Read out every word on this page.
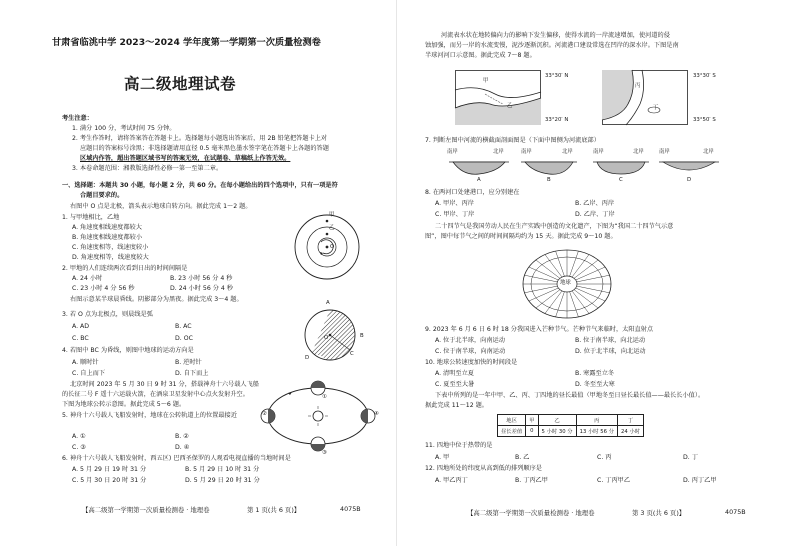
甘肃省临洮中学 2023～2024 学年度第一学期第一次质量检测卷
高二级地理试卷
考生注意：
1. 满分 100 分，考试时间 75 分钟。
2. 考生作答时，请将答案答在答题卡上。选择题每小题选出答案后，用 2B 铅笔把答题卡上对
应题目的答案标号涂黑；非选择题请用直径 0.5 毫米黑色墨水签字笔在答题卡上各题的答题
区域内作答，超出答题区域书写的答案无效，在试题卷、草稿纸上作答无效。
3. 本卷命题范围：湘教版选择性必修一第一至第二章。
一、选择题：本题共 30 小题，每小题 2 分，共 60 分。在每小题给出的四个选项中，只有一项是符
合题目要求的。
右图中 O 点是北极，箭头表示地球自转方向。据此完成 1～2 题。
1. 与甲地相比，乙地
A. 角速度相线速度都较大
B. 角速度相线速度都较小
C. 角速度相等，线速度较小
D. 角速度相等，线速度较大
2. 甲地的人们连续两次看到日出的时间间隔是
A. 24 小时	B. 23 小时 56 分 4 秒
C. 23 小时 4 分 56 秒	D. 24 小时 56 分 4 秒
右图示意某半球晨昏线。阴影部分为黑夜。据此完成 3～4 题。
3. 若 O 点为北极点，则晨线是弧
A. AD	B. AC
C. BC	D. OC
4. 若图中 BC 为昏线，则图中地球的运动方向是
A. 顺时针	B. 逆时针
C. 自上而下	D. 自下而上
北京时间 2023 年 5 月 30 日 9 时 31 分，搭载神舟十六号载人飞船
的长征二号 F 遥十六运载火箭，在酒泉卫星发射中心点火发射升空。
下图为地球公转示意图。据此完成 5～6 题。
5. 神舟十六号载人飞船发射时，地球在公转轨道上的位置最接近
A. ①	B. ②
C. ③	D. ④
6. 神舟十六号载人飞船发射时，西五区) 巴西圣保罗的人观看电视直播的当地时间是
A. 5 月 29 日 19 时 31 分	B. 5 月 29 日 10 时 31 分
C. 5 月 30 日 20 时 31 分	D. 5 月 29 日 20 时 31 分
O
甲
乙
A
B
C
D
O
①
②
③
④
【高二级第一学期第一次质量检测卷 · 地理卷	第 1 页(共 6 页)】	4075B
河流表水状在地转偏向力的影响下发生偏移，使得水流的一岸流速增加，使河道的侵
蚀加强，而另一岸的水流变慢，泥沙逐渐沉积。河流港口建设常选在凹岸的深水岸。下图是南
半球河河口示意图。据此完成 7～8 题。
甲
乙
33°30′ N
33°20′ N
丙
丁
33°30′ S
33°50′ S
7. 判断左图中河流的横截面剖面图是（下面中图侧为河流底部）
南岸	北岸	南岸	北岸	南岸	北岸	南岸	北岸
A	B	C	D
8. 在两河口处建港口，应分别建在
A. 甲岸、丙岸	B. 乙岸、丙岸
C. 甲岸、丁岸	D. 乙岸、丁岸
二十四节气是我国劳动人民在生产实践中创造的文化遗产，下图为“我国二十四节气示意
图”，图中每节气之间的时间间隔均约为 15 天。据此完成 9～10 题。
地球
9. 2023 年 6 月 6 日 6 时 18 分我国进入芒种节气。芒种节气来临时，太阳直射点
A. 位于北半球，向南运动	B. 位于南半球，向北运动
C. 位于南半球，向南运动	D. 位于北半球，向北运动
10. 地球公转速度加快的时间段是
A. 清明至立夏	B. 寒露至立冬
C. 夏至至大暑	D. 冬至至大寒
下表中所列的是一年中甲、乙、丙、丁四地的昼长最值（甲地冬至日昼长最长值——最长长小值）。
据此完成 11～12 题。
地区	甲	乙	丙	丁
昼长差值	0	5 小时 30 分	13 小时 56 分	24 小时
11. 四地中位于热带的是
A. 甲	B. 乙	C. 丙	D. 丁
12. 四地所处的纬度从高到低的排列顺序是
A. 甲乙丙丁	B. 丁丙乙甲	C. 丁丙甲乙	D. 丙丁乙甲
【高二级第一学期第一次质量检测卷 · 地理卷	第 3 页(共 6 页)】	4075B
